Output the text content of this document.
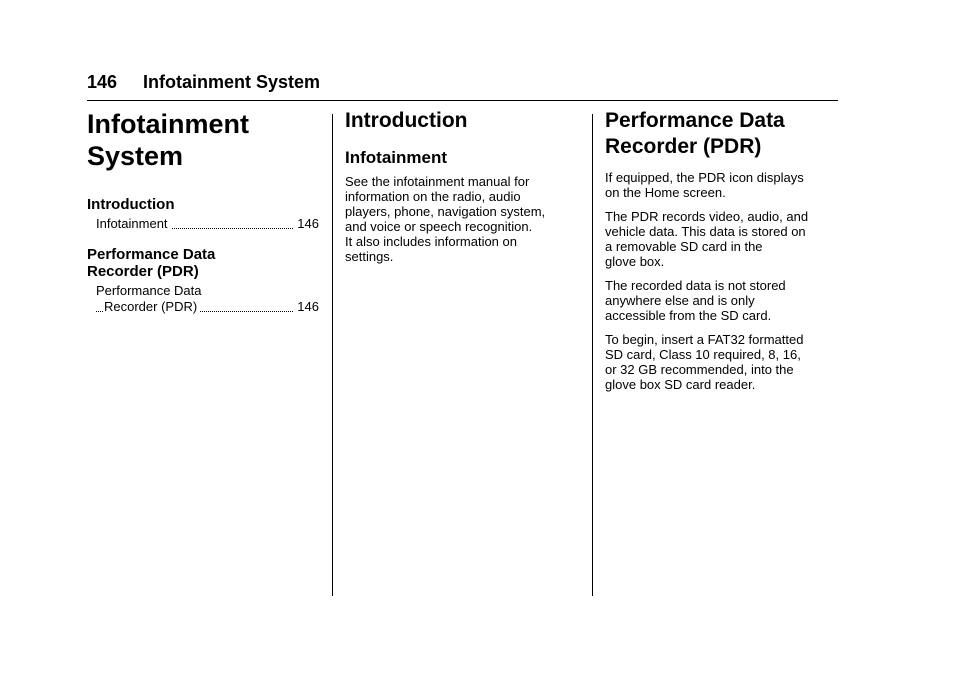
146 Infotainment System
Infotainment
System
Introduction
Infotainment	146
Performance Data
Recorder (PDR)
Performance Data
Recorder (PDR)	146
Introduction
Infotainment

See the infotainment manual for
information on the radio, audio
players, phone, navigation system,
and voice or speech recognition.
It also includes information on
settings.

Performance Data
Recorder (PDR)

If equipped, the PDR icon displays
on the Home screen.

The PDR records video, audio, and
vehicle data. This data is stored on
a removable SD card in the
glove box.

The recorded data is not stored
anywhere else and is only
accessible from the SD card.

To begin, insert a FAT32 formatted
SD card, Class 10 required, 8, 16,
or 32 GB recommended, into the
glove box SD card reader.
